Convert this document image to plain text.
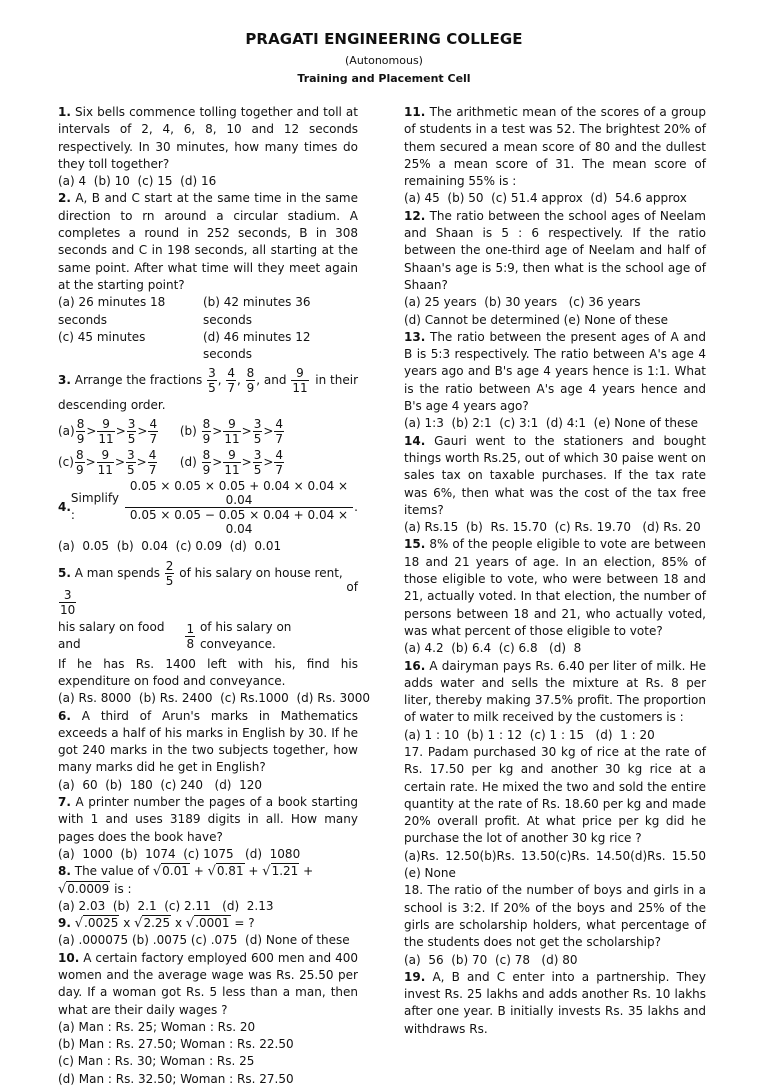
PRAGATI ENGINEERING COLLEGE
(Autonomous)
Training and Placement Cell
1. Six bells commence tolling together and toll at intervals of 2, 4, 6, 8, 10 and 12 seconds respectively. In 30 minutes, how many times do they toll together?
(a) 4  (b) 10  (c) 15  (d) 16
2. A, B and C start at the same time in the same direction to rn around a circular stadium. A completes a round in 252 seconds, B in 308 seconds and C in 198 seconds, all starting at the same point. After what time will they meet again at the starting point?
(a) 26 minutes 18 seconds
(b) 42 minutes 36 seconds
(c) 45 minutes	(d) 46 minutes 12 seconds
3. Arrange the fractions $\frac{3}{5}$ , $\frac{4}{7}$ , $\frac{8}{9}$ , and $\frac{9}{11}$ in their
descending order.
$(a) \frac{8}{9} > \frac{9}{11} > \frac{3}{5} > \frac{4}{7}$
(b)
$\frac{8}{9} > \frac{9}{11} > \frac{3}{5} > \frac{4}{7}$
$(c) \frac{8}{9} > \frac{9}{11} > \frac{3}{5} > \frac{4}{7}$
(d)
$\frac{8}{9} > \frac{9}{11} > \frac{3}{5} > \frac{4}{7}$
4.
Simplify :	$\frac{0.05 \times 0.05 \times 0.05 + 0.04 \times 0.04 \times 0.04}{0.05 \times 0.05 - 0.05 \times 0.04 + 0.04 \times 0.04}$ .
(a)  0.05  (b)  0.04  (c) 0.09  (d)  0.01
5. A man spends $\frac{2}{5}$ of his salary on house rent,
$\frac{3}{10}$
of
his salary on food and
	$\frac{1}{8}$
of his salary on conveyance.
If he has Rs. 1400 left with his, find his expenditure on food and conveyance.
(a) Rs. 8000  (b) Rs. 2400  (c) Rs.1000  (d) Rs. 3000
6. A third of Arun's marks in Mathematics exceeds a half of his marks in English by 30. If he got 240 marks in the two subjects together, how many marks did he get in English?
(a)  60  (b)  180  (c) 240   (d)  120
7. A printer number the pages of a book starting with 1 and uses 3189 digits in all. How many pages does the book have?
(a)  1000  (b)  1074  (c) 1075   (d)  1080
8. The value of √0.01 + √0.81 + √1.21 + √0.0009 is :
(a) 2.03  (b)  2.1  (c) 2.11   (d)  2.13
9. √.0025 x √2.25 x √.0001 = ?
(a) .000075 (b) .0075 (c) .075  (d) None of these
10. A certain factory employed 600 men and 400 women and the average wage was Rs. 25.50 per day. If a woman got Rs. 5 less than a man, then what are their daily wages ?
(a) Man : Rs. 25; Woman : Rs. 20
(b) Man : Rs. 27.50; Woman : Rs. 22.50
(c) Man : Rs. 30; Woman : Rs. 25
(d) Man : Rs. 32.50; Woman : Rs. 27.50
11. The arithmetic mean of the scores of a group of students in a test was 52. The brightest 20% of them secured a mean score of 80 and the dullest 25% a mean score of 31. The mean score of remaining 55% is :
(a) 45  (b) 50  (c) 51.4 approx  (d)  54.6 approx
12. The ratio between the school ages of Neelam and Shaan is 5 : 6 respectively. If the ratio between the one-third age of Neelam and half of Shaan's age is 5:9, then what is the school age of Shaan?
(a) 25 years  (b) 30 years   (c) 36 years
(d) Cannot be determined (e) None of these
13. The ratio between the present ages of A and B is 5:3 respectively. The ratio between A's age 4 years ago and B's age 4 years hence is 1:1. What is the ratio between A's age 4 years hence and B's age 4 years ago?
(a) 1:3  (b) 2:1  (c) 3:1  (d) 4:1  (e) None of these
14. Gauri went to the stationers and bought things worth Rs.25, out of which 30 paise went on sales tax on taxable purchases. If the tax rate was 6%, then what was the cost of the tax free items?
(a) Rs.15  (b)  Rs. 15.70  (c) Rs. 19.70   (d) Rs. 20
15. 8% of the people eligible to vote are between 18 and 21 years of age. In an election, 85% of those eligible to vote, who were between 18 and 21, actually voted. In that election, the number of persons between 18 and 21, who actually voted, was what percent of those eligible to vote?
(a) 4.2  (b) 6.4  (c) 6.8   (d)  8
16. A dairyman pays Rs. 6.40 per liter of milk. He adds water and sells the mixture at Rs. 8 per liter, thereby making 37.5% profit. The proportion of water to milk received by the customers is :
(a) 1 : 10  (b) 1 : 12  (c) 1 : 15   (d)  1 : 20
17. Padam purchased 30 kg of rice at the rate of Rs. 17.50 per kg and another 30 kg rice at a certain rate. He mixed the two and sold the entire quantity at the rate of Rs. 18.60 per kg and made 20% overall profit. At what price per kg did he purchase the lot of another 30 kg rice ?
(a)Rs. 12.50(b)Rs. 13.50(c)Rs. 14.50(d)Rs. 15.50 (e) None
18. The ratio of the number of boys and girls in a school is 3:2. If 20% of the boys and 25% of the girls are scholarship holders, what percentage of the students does not get the scholarship?
(a)  56  (b) 70  (c) 78   (d) 80
19. A, B and C enter into a partnership. They invest Rs. 25 lakhs and adds another Rs. 10 lakhs after one year. B initially invests Rs. 35 lakhs and withdraws Rs.
